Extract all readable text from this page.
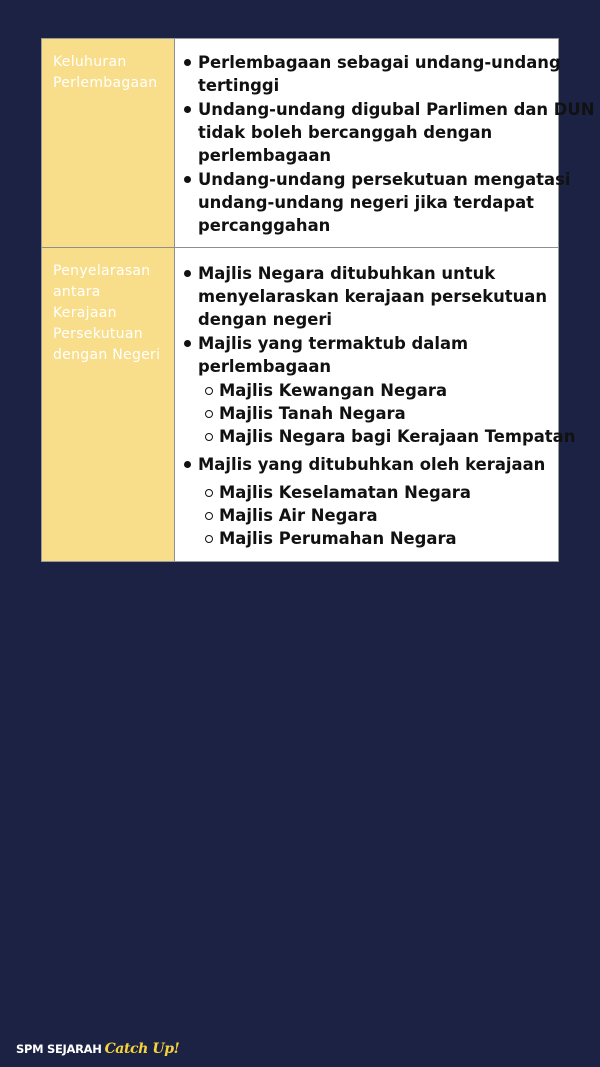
Keluhuran
Perlembagaan
Perlembagaan sebagai undang-undang
tertinggi
Undang-undang digubal Parlimen dan DUN
tidak boleh bercanggah dengan
perlembagaan
Undang-undang persekutuan mengatasi
undang-undang negeri jika terdapat
percanggahan
Penyelarasan
antara
Kerajaan
Persekutuan
dengan Negeri
Majlis Negara ditubuhkan untuk
menyelaraskan kerajaan persekutuan
dengan negeri
Majlis yang termaktub dalam
perlembagaan
Majlis Kewangan Negara
Majlis Tanah Negara
Majlis Negara bagi Kerajaan Tempatan
Majlis yang ditubuhkan oleh kerajaan
Majlis Keselamatan Negara
Majlis Air Negara
Majlis Perumahan Negara
SPM SEJARAH Catch Up!
